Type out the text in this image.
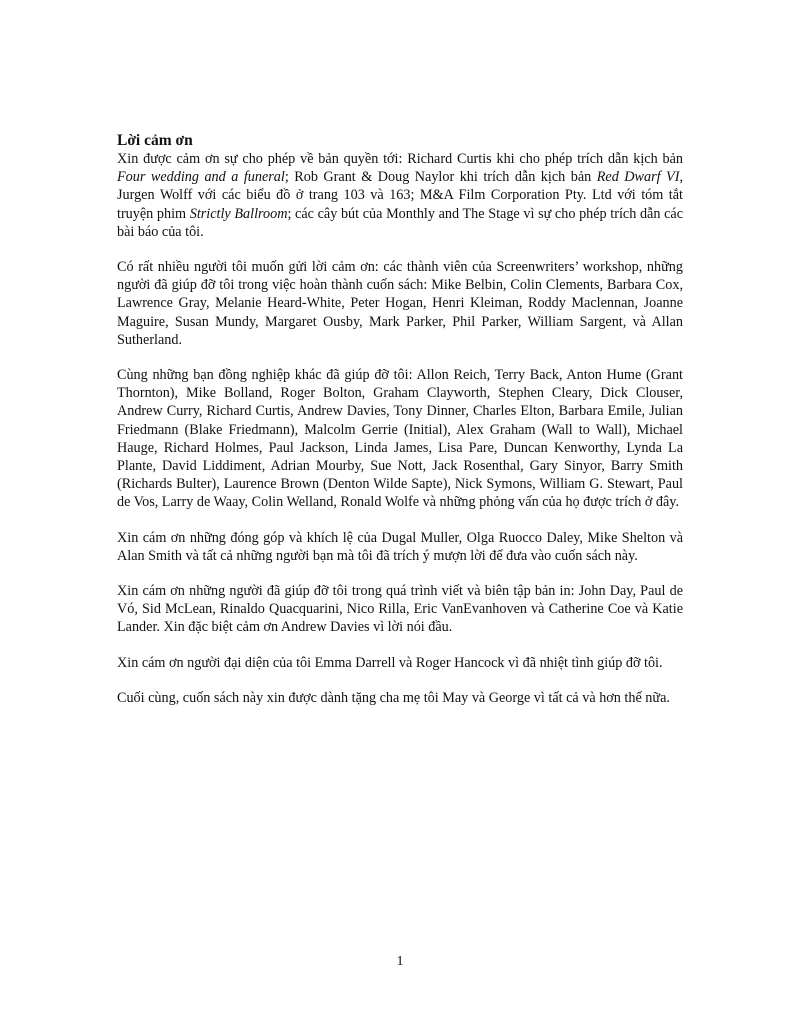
Lời cảm ơn

Xin được cảm ơn sự cho phép về bản quyền tới: Richard Curtis khi cho phép trích dẫn kịch bản Four wedding and a funeral; Rob Grant & Doug Naylor khi trích dẫn kịch bản Red Dwarf VI, Jurgen Wolff với các biểu đồ ở trang 103 và 163; M&A Film Corporation Pty. Ltd với tóm tắt truyện phim Strictly Ballroom; các cây bút của Monthly and The Stage vì sự cho phép trích dẫn các bài báo của tôi.

Có rất nhiều người tôi muốn gửi lời cảm ơn: các thành viên của Screenwriters’ workshop, những người đã giúp đỡ tôi trong việc hoàn thành cuốn sách: Mike Belbin, Colin Clements, Barbara Cox, Lawrence Gray, Melanie Heard-White, Peter Hogan, Henri Kleiman, Roddy Maclennan, Joanne Maguire, Susan Mundy, Margaret Ousby, Mark Parker, Phil Parker, William Sargent, và Allan Sutherland.

Cùng những bạn đồng nghiệp khác đã giúp đỡ tôi: Allon Reich, Terry Back, Anton Hume (Grant Thornton), Mike Bolland, Roger Bolton, Graham Clayworth, Stephen Cleary, Dick Clouser, Andrew Curry, Richard Curtis, Andrew Davies, Tony Dinner, Charles Elton, Barbara Emile, Julian Friedmann (Blake Friedmann), Malcolm Gerrie (Initial), Alex Graham (Wall to Wall), Michael Hauge, Richard Holmes, Paul Jackson, Linda James, Lisa Pare, Duncan Kenworthy, Lynda La Plante, David Liddiment, Adrian Mourby, Sue Nott, Jack Rosenthal, Gary Sinyor, Barry Smith (Richards Bulter), Laurence Brown (Denton Wilde Sapte), Nick Symons, William G. Stewart, Paul de Vos, Larry de Waay, Colin Welland, Ronald Wolfe và những phỏng vấn của họ được trích ở đây.

Xin cám ơn những đóng góp và khích lệ của Dugal Muller, Olga Ruocco Daley, Mike Shelton và Alan Smith và tất cả những người bạn mà tôi đã trích ý mượn lời để đưa vào cuốn sách này.

Xin cám ơn những người đã giúp đỡ tôi trong quá trình viết và biên tập bản in: John Day, Paul de Vó, Sid McLean, Rinaldo Quacquarini, Nico Rilla, Eric VanEvanhoven và Catherine Coe và Katie Lander. Xin đặc biệt cảm ơn Andrew Davies vì lời nói đầu.

Xin cám ơn người đại diện của tôi Emma Darrell và Roger Hancock vì đã nhiệt tình giúp đỡ tôi.

Cuối cùng, cuốn sách này xin được dành tặng cha mẹ tôi May và George vì tất cả và hơn thế nữa.

1
